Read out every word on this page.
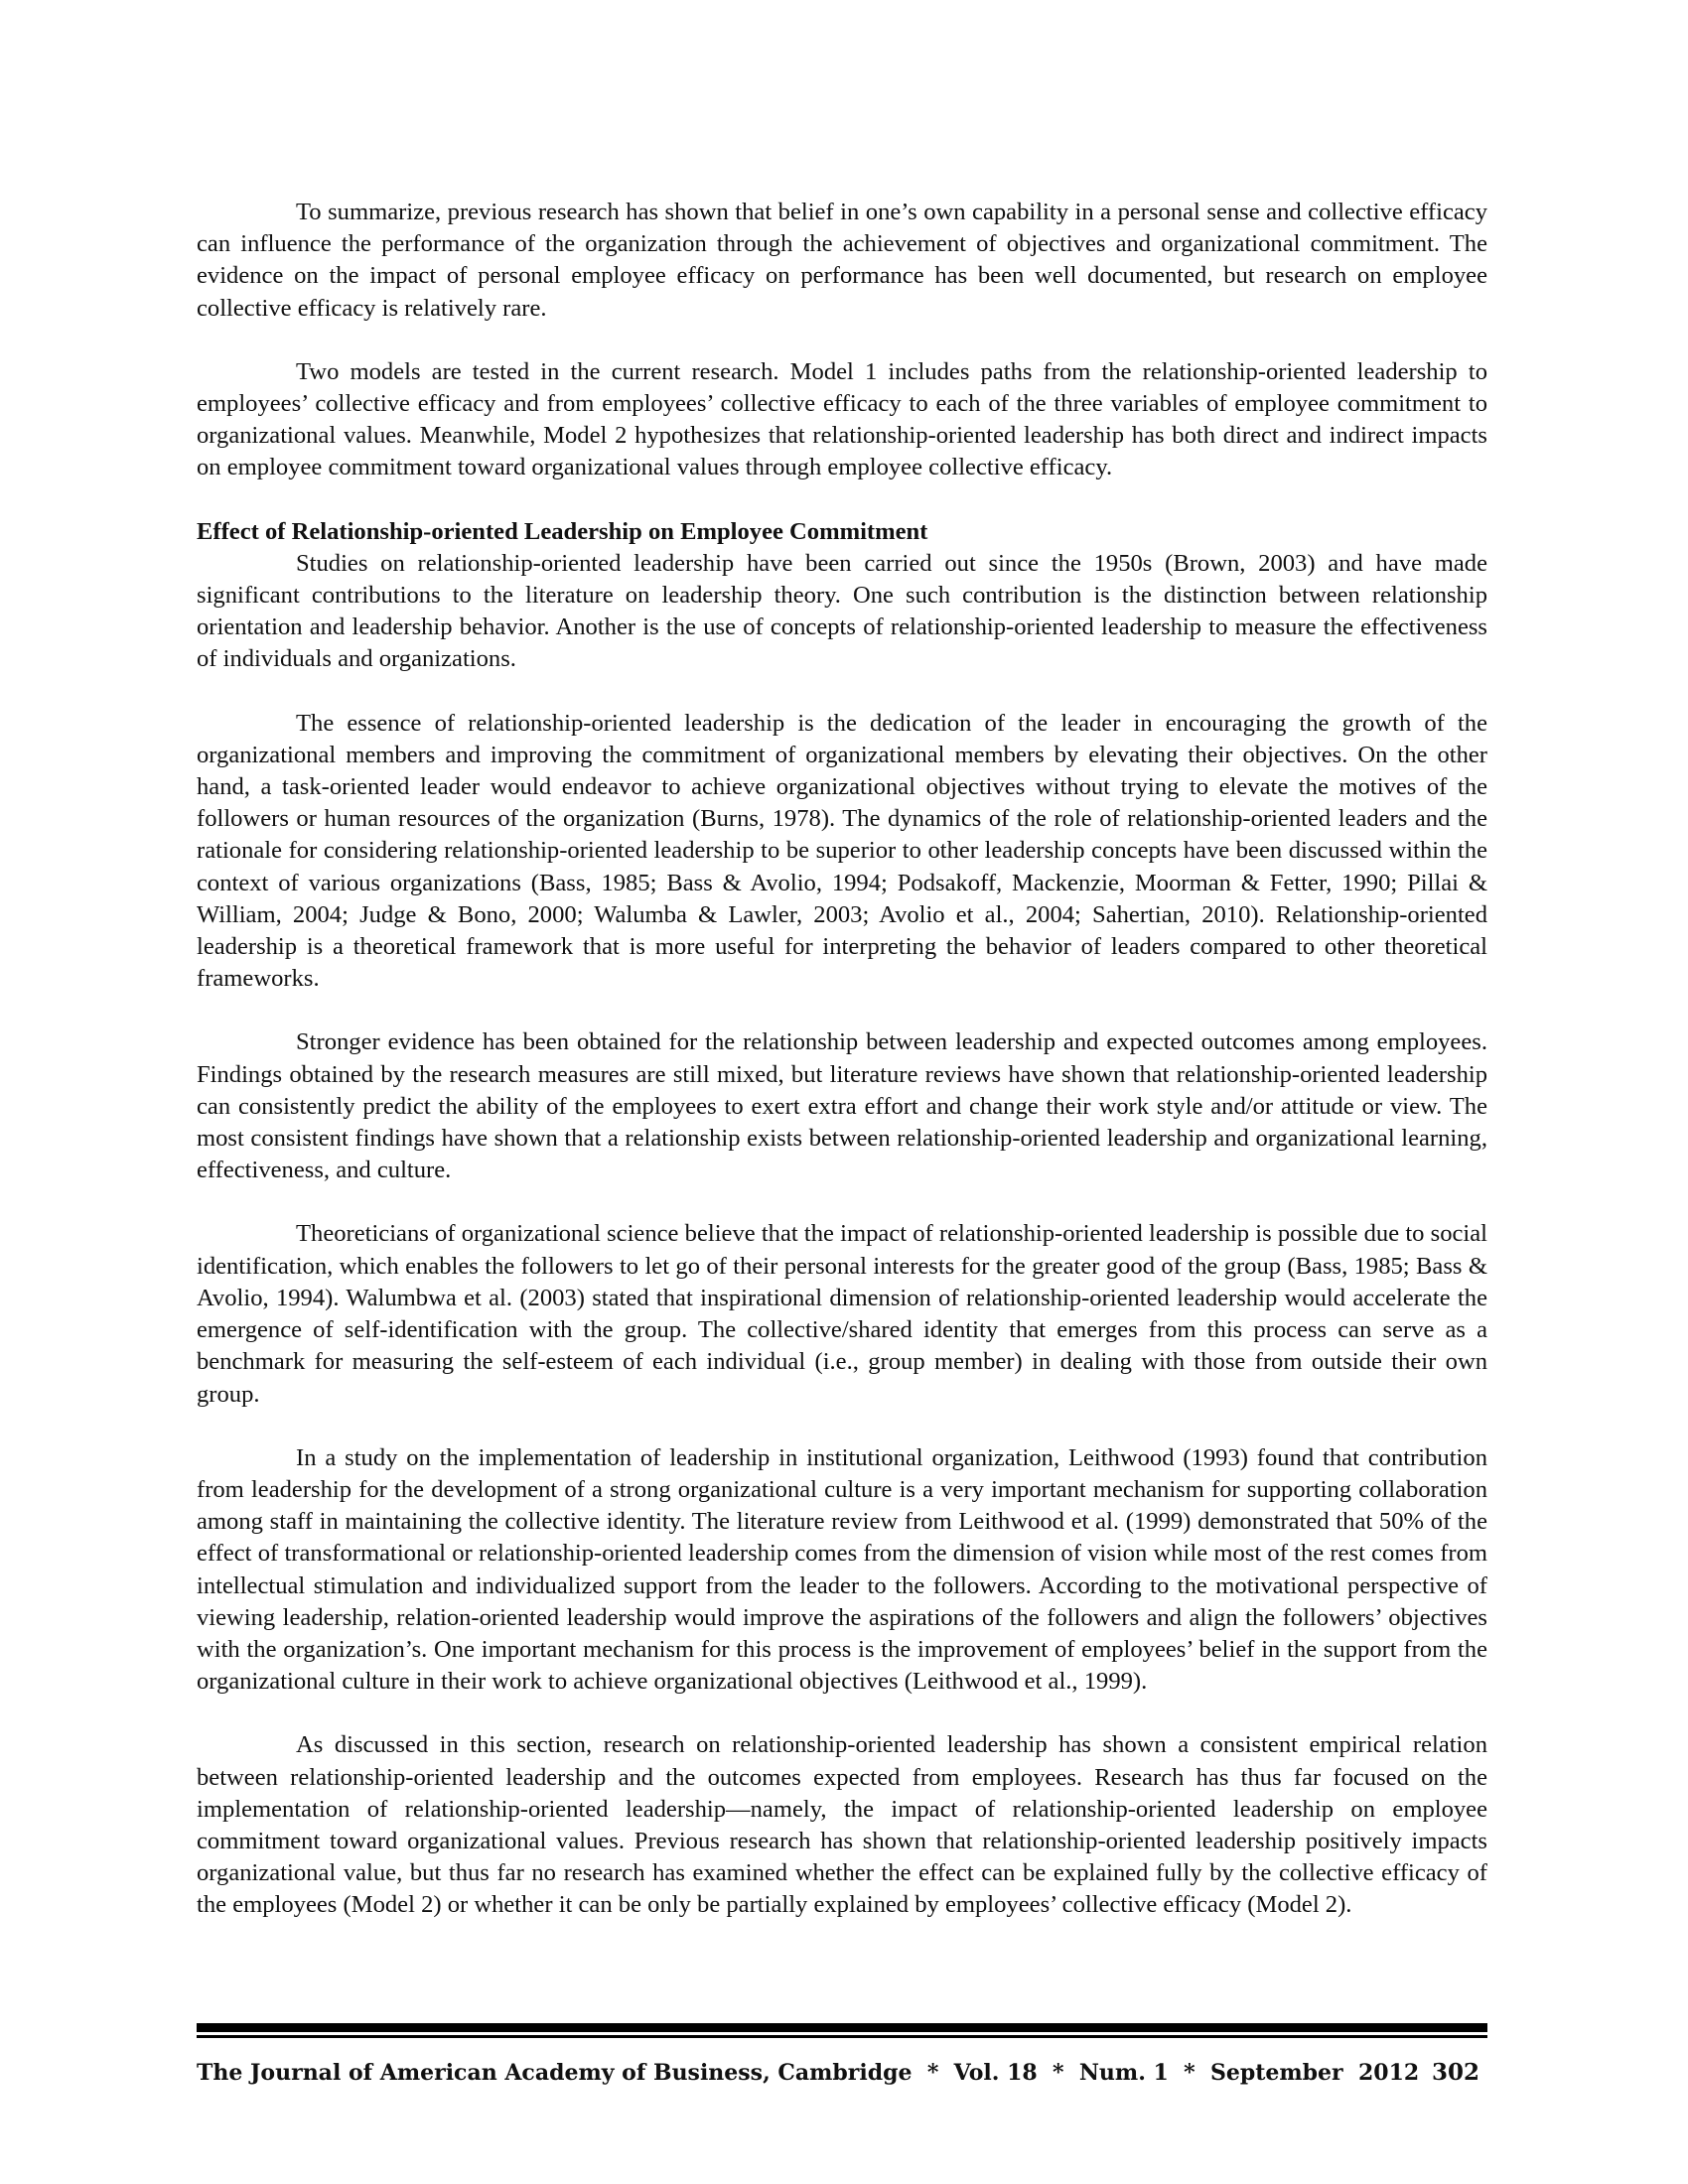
To summarize, previous research has shown that belief in one’s own capability in a personal sense and collective efficacy can influence the performance of the organization through the achievement of objectives and organizational commitment. The evidence on the impact of personal employee efficacy on performance has been well documented, but research on employee collective efficacy is relatively rare.

Two models are tested in the current research. Model 1 includes paths from the relationship-oriented leadership to employees’ collective efficacy and from employees’ collective efficacy to each of the three variables of employee commitment to organizational values. Meanwhile, Model 2 hypothesizes that relationship-oriented leadership has both direct and indirect impacts on employee commitment toward organizational values through employee collective efficacy.

Effect of Relationship-oriented Leadership on Employee Commitment

Studies on relationship-oriented leadership have been carried out since the 1950s (Brown, 2003) and have made significant contributions to the literature on leadership theory. One such contribution is the distinction between relationship orientation and leadership behavior. Another is the use of concepts of relationship-oriented leadership to measure the effectiveness of individuals and organizations.

The essence of relationship-oriented leadership is the dedication of the leader in encouraging the growth of the organizational members and improving the commitment of organizational members by elevating their objectives. On the other hand, a task-oriented leader would endeavor to achieve organizational objectives without trying to elevate the motives of the followers or human resources of the organization (Burns, 1978). The dynamics of the role of relationship-oriented leaders and the rationale for considering relationship-oriented leadership to be superior to other leadership concepts have been discussed within the context of various organizations (Bass, 1985; Bass & Avolio, 1994; Podsakoff, Mackenzie, Moorman & Fetter, 1990; Pillai & William, 2004; Judge & Bono, 2000; Walumba & Lawler, 2003; Avolio et al., 2004; Sahertian, 2010). Relationship-oriented leadership is a theoretical framework that is more useful for interpreting the behavior of leaders compared to other theoretical frameworks.

Stronger evidence has been obtained for the relationship between leadership and expected outcomes among employees. Findings obtained by the research measures are still mixed, but literature reviews have shown that relationship-oriented leadership can consistently predict the ability of the employees to exert extra effort and change their work style and/or attitude or view. The most consistent findings have shown that a relationship exists between relationship-oriented leadership and organizational learning, effectiveness, and culture.

Theoreticians of organizational science believe that the impact of relationship-oriented leadership is possible due to social identification, which enables the followers to let go of their personal interests for the greater good of the group (Bass, 1985; Bass & Avolio, 1994). Walumbwa et al. (2003) stated that inspirational dimension of relationship-oriented leadership would accelerate the emergence of self-identification with the group. The collective/shared identity that emerges from this process can serve as a benchmark for measuring the self-esteem of each individual (i.e., group member) in dealing with those from outside their own group.

In a study on the implementation of leadership in institutional organization, Leithwood (1993) found that contribution from leadership for the development of a strong organizational culture is a very important mechanism for supporting collaboration among staff in maintaining the collective identity. The literature review from Leithwood et al. (1999) demonstrated that 50% of the effect of transformational or relationship-oriented leadership comes from the dimension of vision while most of the rest comes from intellectual stimulation and individualized support from the leader to the followers. According to the motivational perspective of viewing leadership, relation-oriented leadership would improve the aspirations of the followers and align the followers’ objectives with the organization’s. One important mechanism for this process is the improvement of employees’ belief in the support from the organizational culture in their work to achieve organizational objectives (Leithwood et al., 1999).

As discussed in this section, research on relationship-oriented leadership has shown a consistent empirical relation between relationship-oriented leadership and the outcomes expected from employees. Research has thus far focused on the implementation of relationship-oriented leadership—namely, the impact of relationship-oriented leadership on employee commitment toward organizational values. Previous research has shown that relationship-oriented leadership positively impacts organizational value, but thus far no research has examined whether the effect can be explained fully by the collective efficacy of the employees (Model 2) or whether it can be only be partially explained by employees’ collective efficacy (Model 2).

The Journal of American Academy of Business, Cambridge  *  Vol. 18  *  Num. 1  *  September  2012 302
